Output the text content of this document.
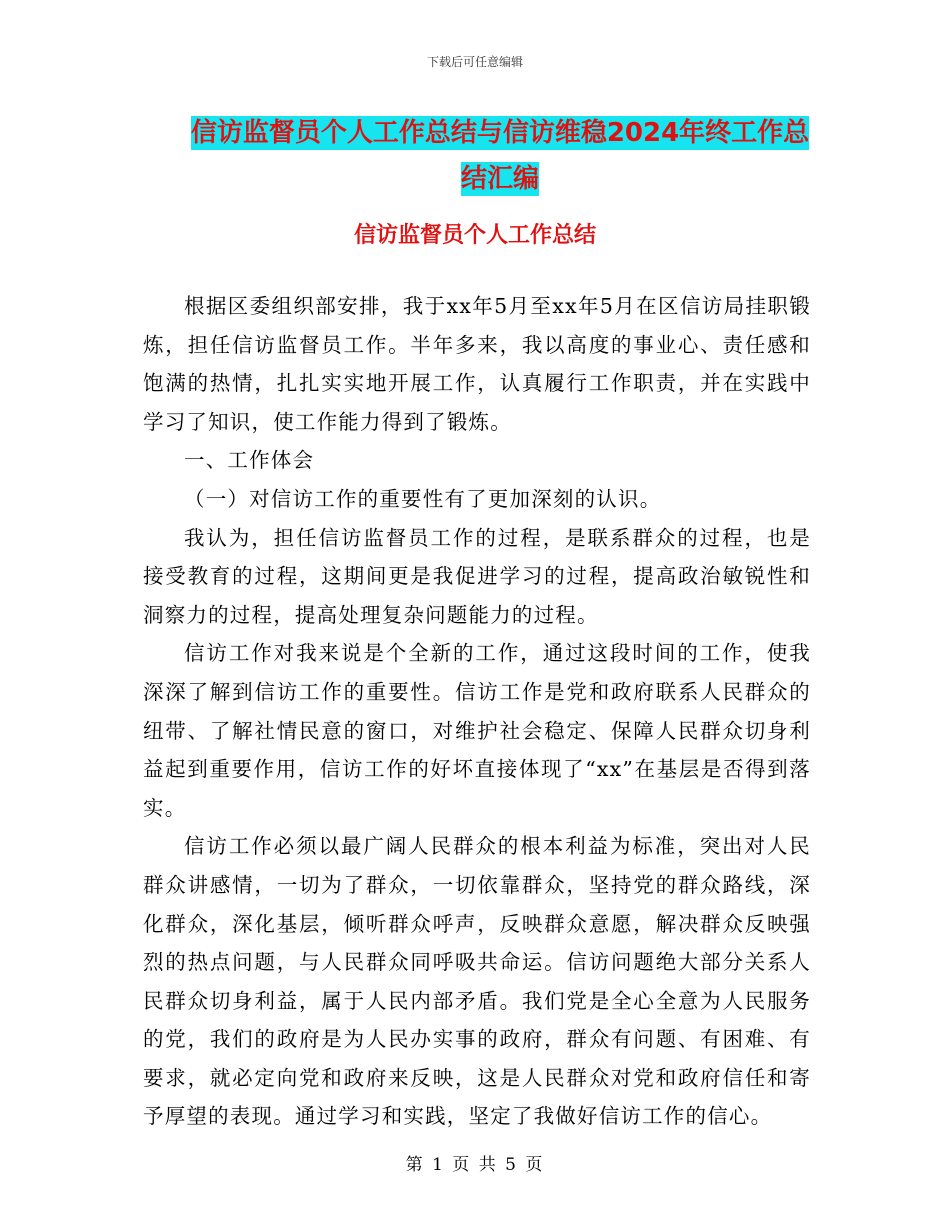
下载后可任意编辑
信访监督员个人工作总结与信访维稳2024年终工作总
结汇编
信访监督员个人工作总结

根据区委组织部安排，我于xx年5月至xx年5月在区信访局挂职锻炼，担任信访监督员工作。半年多来，我以高度的事业心、责任感和饱满的热情，扎扎实实地开展工作，认真履行工作职责，并在实践中学习了知识，使工作能力得到了锻炼。

一、工作体会

（一）对信访工作的重要性有了更加深刻的认识。

我认为，担任信访监督员工作的过程，是联系群众的过程，也是接受教育的过程，这期间更是我促进学习的过程，提高政治敏锐性和洞察力的过程，提高处理复杂问题能力的过程。

信访工作对我来说是个全新的工作，通过这段时间的工作，使我深深了解到信访工作的重要性。信访工作是党和政府联系人民群众的纽带、了解社情民意的窗口，对维护社会稳定、保障人民群众切身利益起到重要作用，信访工作的好坏直接体现了“xx”在基层是否得到落实。

信访工作必须以最广阔人民群众的根本利益为标准，突出对人民群众讲感情，一切为了群众，一切依靠群众，坚持党的群众路线，深化群众，深化基层，倾听群众呼声，反映群众意愿，解决群众反映强烈的热点问题，与人民群众同呼吸共命运。信访问题绝大部分关系人民群众切身利益，属于人民内部矛盾。我们党是全心全意为人民服务的党，我们的政府是为人民办实事的政府，群众有问题、有困难、有要求，就必定向党和政府来反映，这是人民群众对党和政府信任和寄予厚望的表现。通过学习和实践，坚定了我做好信访工作的信心。

第 1 页 共 5 页
